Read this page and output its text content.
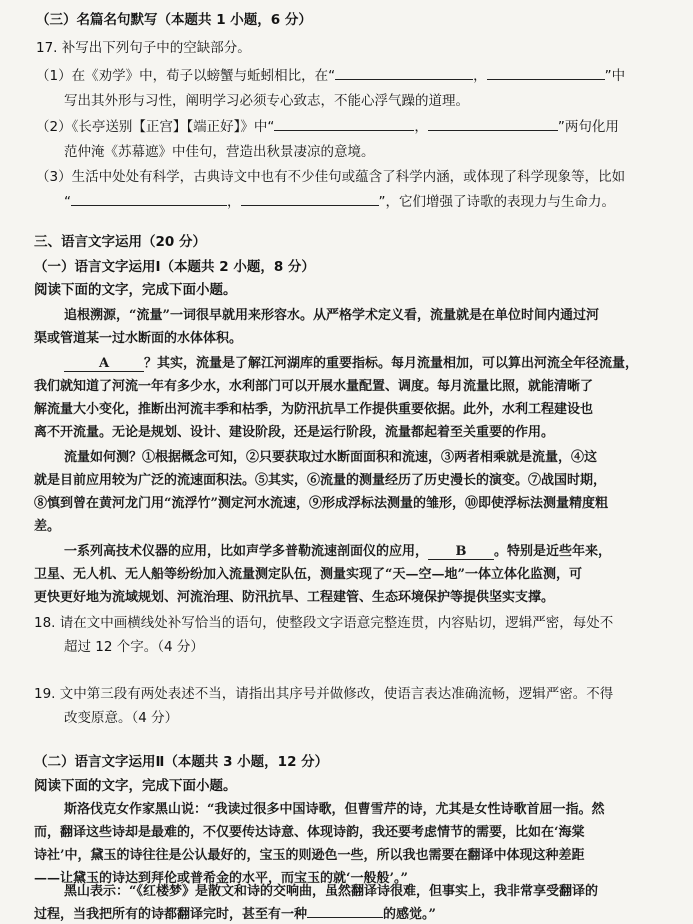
（三）名篇名句默写（本题共 1 小题，6 分）
17. 补写出下列句子中的空缺部分。
（1）在《劝学》中，荀子以螃蟹与蚯蚓相比，在“	，	”中
写出其外形与习性，阐明学习必须专心致志，不能心浮气躁的道理。
（2）《长亭送别【正宫】【端正好】》中“	，	”两句化用
范仲淹《苏幕遮》中佳句，营造出秋景凄凉的意境。
（3）生活中处处有科学，古典诗文中也有不少佳句或蕴含了科学内涵，或体现了科学现象等，比如
“	，	”，它们增强了诗歌的表现力与生命力。
三、语言文字运用（20 分）
（一）语言文字运用Ⅰ（本题共 2 小题，8 分）
阅读下面的文字，完成下面小题。
追根溯源，“流量”一词很早就用来形容水。从严格学术定义看，流量就是在单位时间内通过河
渠或管道某一过水断面的水体体积。
A	？其实，流量是了解江河湖库的重要指标。每月流量相加，可以算出河流全年径流量，
我们就知道了河流一年有多少水，水利部门可以开展水量配置、调度。每月流量比照，就能清晰了
解流量大小变化，推断出河流丰季和枯季，为防汛抗旱工作提供重要依据。此外，水利工程建设也
离不开流量。无论是规划、设计、建设阶段，还是运行阶段，流量都起着至关重要的作用。
流量如何测？①根据概念可知，②只要获取过水断面面积和流速，③两者相乘就是流量，④这
就是目前应用较为广泛的流速面积法。⑤其实，⑥流量的测量经历了历史漫长的演变。⑦战国时期，
⑧慎到曾在黄河龙门用“流浮竹”测定河水流速，⑨形成浮标法测量的雏形，⑩即使浮标法测量精度粗
差。
一系列高技术仪器的应用，比如声学多普勒流速剖面仪的应用， B 。特别是近些年来，
卫星、无人机、无人船等纷纷加入流量测定队伍，测量实现了“天—空—地”一体立体化监测，可
更快更好地为流域规划、河流治理、防汛抗旱、工程建管、生态环境保护等提供坚实支撑。
18. 请在文中画横线处补写恰当的语句，使整段文字语意完整连贯，内容贴切，逻辑严密，每处不
超过 12 个字。（4 分）
19. 文中第三段有两处表述不当，请指出其序号并做修改，使语言表达准确流畅，逻辑严密。不得
改变原意。（4 分）
（二）语言文字运用Ⅱ（本题共 3 小题，12 分）
阅读下面的文字，完成下面小题。
斯洛伐克女作家黑山说：“我读过很多中国诗歌，但曹雪芹的诗，尤其是女性诗歌首屈一指。然
而，翻译这些诗却是最难的，不仅要传达诗意、体现诗韵，我还要考虑情节的需要，比如在‘海棠
诗社’中，黛玉的诗往往是公认最好的，宝玉的则逊色一些，所以我也需要在翻译中体现这种差距
——让黛玉的诗达到拜伦或普希金的水平，而宝玉的就‘一般般’。”
黑山表示：“《红楼梦》是散文和诗的交响曲，虽然翻译诗很难，但事实上，我非常享受翻译的
过程，当我把所有的诗都翻译完时，甚至有一种	的感觉。”
